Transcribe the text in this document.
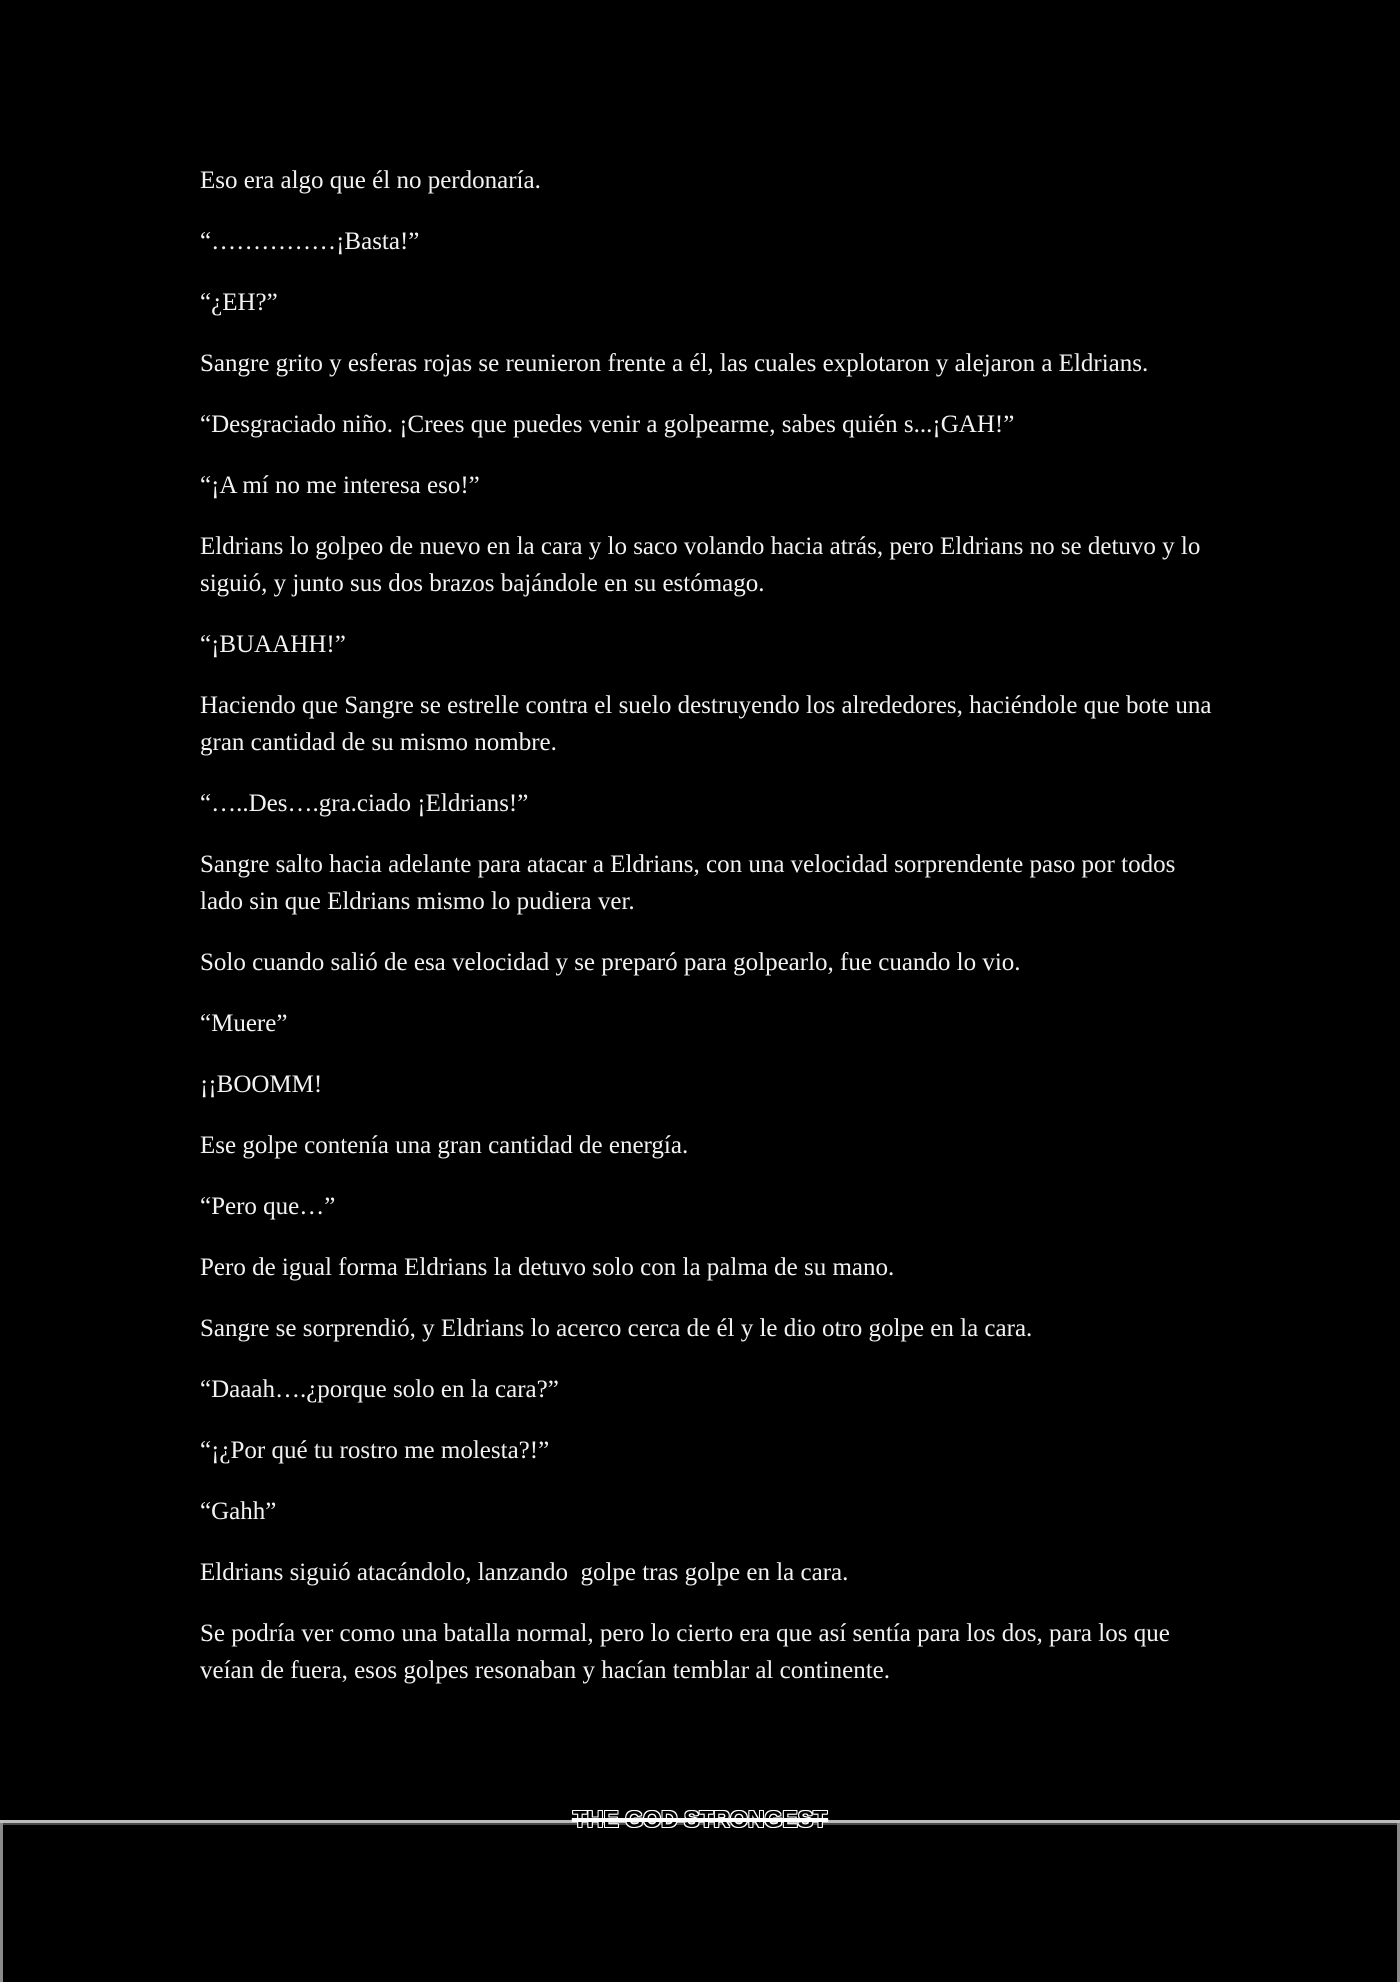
Eso era algo que él no perdonaría.

“……………¡Basta!”

“¿EH?”

Sangre grito y esferas rojas se reunieron frente a él, las cuales explotaron y alejaron a Eldrians.

“Desgraciado niño. ¡Crees que puedes venir a golpearme, sabes quién s...¡GAH!”

“¡A mí no me interesa eso!”

Eldrians lo golpeo de nuevo en la cara y lo saco volando hacia atrás, pero Eldrians no se detuvo y lo siguió, y junto sus dos brazos bajándole en su estómago.

“¡BUAAHH!”

Haciendo que Sangre se estrelle contra el suelo destruyendo los alrededores, haciéndole que bote una gran cantidad de su mismo nombre.

“…..Des….gra.ciado ¡Eldrians!”

Sangre salto hacia adelante para atacar a Eldrians, con una velocidad sorprendente paso por todos lado sin que Eldrians mismo lo pudiera ver.

Solo cuando salió de esa velocidad y se preparó para golpearlo, fue cuando lo vio.

“Muere”

¡¡BOOMM!

Ese golpe contenía una gran cantidad de energía.

“Pero que…”

Pero de igual forma Eldrians la detuvo solo con la palma de su mano.

Sangre se sorprendió, y Eldrians lo acerco cerca de él y le dio otro golpe en la cara.

“Daaah….¿porque solo en la cara?”

“¡¿Por qué tu rostro me molesta?!”

“Gahh”

Eldrians siguió atacándolo, lanzando  golpe tras golpe en la cara.

Se podría ver como una batalla normal, pero lo cierto era que así sentía para los dos, para los que veían de fuera, esos golpes resonaban y hacían temblar al continente.

THE GOD STRONGEST
